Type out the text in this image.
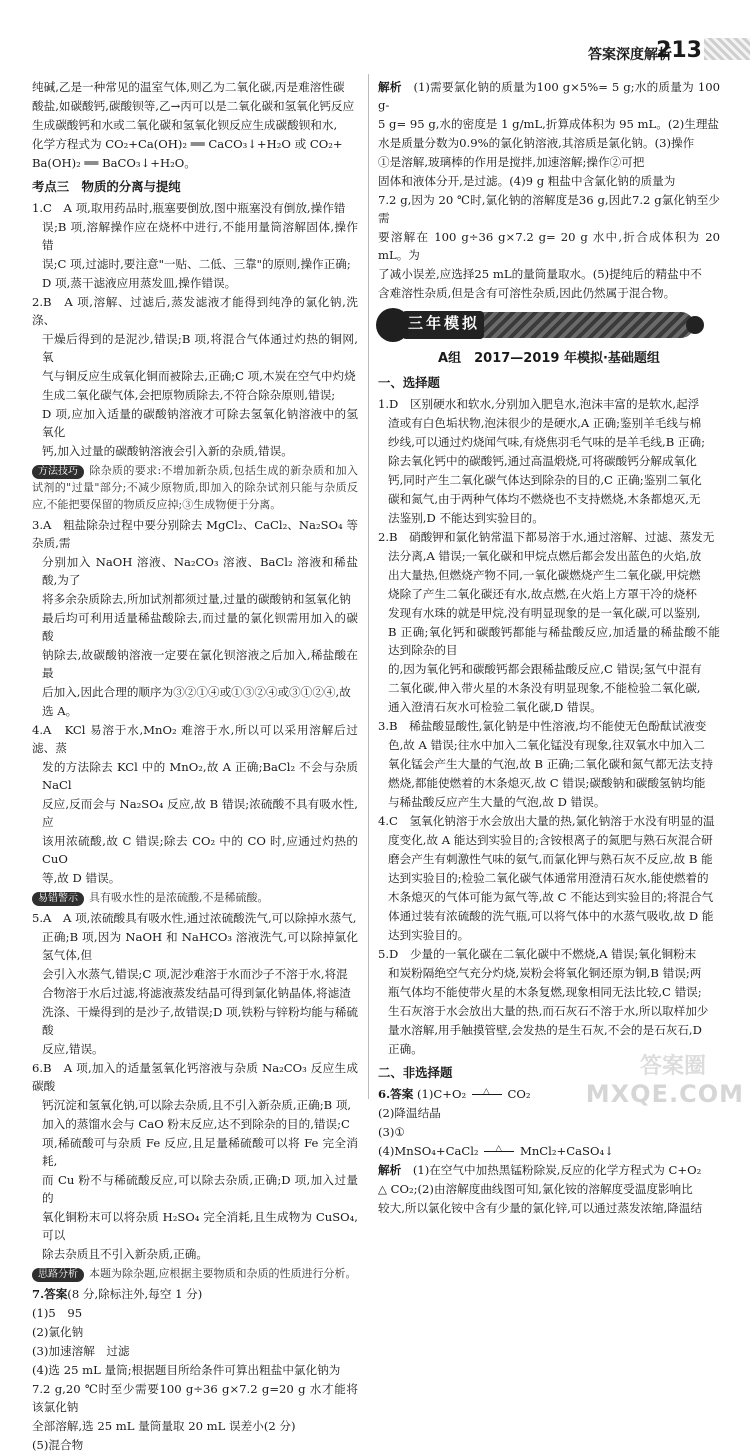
答案深度解析
213

纯碱,乙是一种常见的温室气体,则乙为二氧化碳,丙是难溶性碳

酸盐,如碳酸钙,碳酸钡等,乙→丙可以是二氧化碳和氢氧化钙反应

生成碳酸钙和水或二氧化碳和氢氧化钡反应生成碳酸钡和水,

化学方程式为 CO₂+Ca(OH)₂ ══ CaCO₃↓+H₂O 或 CO₂+

Ba(OH)₂ ══ BaCO₃↓+H₂O。

考点三　物质的分离与提纯

1.C　A 项,取用药品时,瓶塞要倒放,图中瓶塞没有倒放,操作错

误;B 项,溶解操作应在烧杯中进行,不能用量筒溶解固体,操作错

误;C 项,过滤时,要注意"一贴、二低、三靠"的原则,操作正确;

D 项,蒸干滤液应用蒸发皿,操作错误。

2.B　A 项,溶解、过滤后,蒸发滤液才能得到纯净的氯化钠,洗涤、

干燥后得到的是泥沙,错误;B 项,将混合气体通过灼热的铜网,氧

气与铜反应生成氧化铜而被除去,正确;C 项,木炭在空气中灼烧

生成二氧化碳气体,会把原物质除去,不符合除杂原则,错误;

D 项,应加入适量的碳酸钠溶液才可除去氢氧化钠溶液中的氢氧化

钙,加入过量的碳酸钠溶液会引入新的杂质,错误。

方法技巧 除杂质的要求:不增加新杂质,包括生成的新杂质和加入试剂的"过量"部分;不减少原物质,即加入的除杂试剂只能与杂质反应,不能把要保留的物质反应掉;③生成物便于分离。

3.A　粗盐除杂过程中要分别除去 MgCl₂、CaCl₂、Na₂SO₄ 等杂质,需

分别加入 NaOH 溶液、Na₂CO₃ 溶液、BaCl₂ 溶液和稀盐酸,为了

将多余杂质除去,所加试剂都须过量,过量的碳酸钠和氢氧化钠

最后均可利用适量稀盐酸除去,而过量的氯化钡需用加入的碳酸

钠除去,故碳酸钠溶液一定要在氯化钡溶液之后加入,稀盐酸在最

后加入,因此合理的顺序为③②①④或①③②④或③①②④,故

选 A。

4.A　KCl 易溶于水,MnO₂ 难溶于水,所以可以采用溶解后过滤、蒸

发的方法除去 KCl 中的 MnO₂,故 A 正确;BaCl₂ 不会与杂质 NaCl

反应,反而会与 Na₂SO₄ 反应,故 B 错误;浓硫酸不具有吸水性,应

该用浓硫酸,故 C 错误;除去 CO₂ 中的 CO 时,应通过灼热的 CuO

等,故 D 错误。

易错警示 具有吸水性的是浓硫酸,不是稀硫酸。

5.A　A 项,浓硫酸具有吸水性,通过浓硫酸洗气,可以除掉水蒸气,

正确;B 项,因为 NaOH 和 NaHCO₃ 溶液洗气,可以除掉氯化氢气体,但

会引入水蒸气,错误;C 项,泥沙难溶于水而沙子不溶于水,将混

合物溶于水后过滤,将滤液蒸发结晶可得到氯化钠晶体,将滤渣

洗涤、干燥得到的是沙子,故错误;D 项,铁粉与锌粉均能与稀硫酸

反应,错误。

6.B　A 项,加入的适量氢氧化钙溶液与杂质 Na₂CO₃ 反应生成碳酸

钙沉淀和氢氧化钠,可以除去杂质,且不引入新杂质,正确;B 项,

加入的蒸馏水会与 CaO 粉末反应,达不到除杂的目的,错误;C

项,稀硫酸可与杂质 Fe 反应,且足量稀硫酸可以将 Fe 完全消耗,

而 Cu 粉不与稀硫酸反应,可以除去杂质,正确;D 项,加入过量的

氧化铜粉末可以将杂质 H₂SO₄ 完全消耗,且生成物为 CuSO₄,可以

除去杂质且不引入新杂质,正确。

思路分析 本题为除杂题,应根据主要物质和杂质的性质进行分析。

7.答案(8 分,除标注外,每空 1 分)

(1)5　95

(2)氯化钠

(3)加速溶解　过滤

(4)选 25 mL 量筒;根据题目所给条件可算出粗盐中氯化钠为

7.2 g,20 ℃时至少需要100 g÷36 g×7.2 g=20 g 水才能将该氯化钠

全部溶解,选 25 mL 量筒量取 20 mL 误差小(2 分)

(5)混合物

解析　 (1)需要氯化钠的质量为100 g×5%= 5 g;水的质量为 100 g-

5 g= 95 g,水的密度是 1 g/mL,折算成体积为 95 mL。(2)生理盐

水是质量分数为0.9%的氯化钠溶液,其溶质是氯化钠。(3)操作

①是溶解,玻璃棒的作用是搅拌,加速溶解;操作②可把

固体和液体分开,是过滤。(4)9 g 粗盐中含氯化钠的质量为

7.2 g,因为 20 ℃时,氯化钠的溶解度是36 g,因此7.2 g氯化钠至少需

要溶解在 100 g÷36 g×7.2 g= 20 g 水中,折合成体积为 20 mL。为

了减小误差,应选择25 mL的量筒量取水。(5)提纯后的精盐中不

含难溶性杂质,但是含有可溶性杂质,因此仍然属于混合物。

三年模拟
A组　2017—2019 年模拟·基础题组
一、选择题

1.D　区别硬水和软水,分别加入肥皂水,泡沫丰富的是软水,起浮

渣或有白色垢状物,泡沫很少的是硬水,A 正确;鉴别羊毛线与棉

纱线,可以通过灼烧闻气味,有烧焦羽毛气味的是羊毛线,B 正确;

除去氧化钙中的碳酸钙,通过高温煅烧,可将碳酸钙分解成氧化

钙,同时产生二氧化碳气体达到除杂的目的,C 正确;鉴别二氧化

碳和氮气,由于两种气体均不燃烧也不支持燃烧,木条都熄灭,无

法鉴别,D 不能达到实验目的。

2.B　硝酸钾和氯化钠常温下都易溶于水,通过溶解、过滤、蒸发无

法分离,A 错误;一氧化碳和甲烷点燃后都会发出蓝色的火焰,放

出大量热,但燃烧产物不同,一氧化碳燃烧产生二氧化碳,甲烷燃

烧除了产生二氧化碳还有水,故点燃,在火焰上方罩干冷的烧杯

发现有水珠的就是甲烷,没有明显现象的是一氧化碳,可以鉴别,

B 正确;氧化钙和碳酸钙都能与稀盐酸反应,加适量的稀盐酸不能达到除杂的目

的,因为氧化钙和碳酸钙都会跟稀盐酸反应,C 错误;氢气中混有

二氧化碳,伸入带火星的木条没有明显现象,不能检验二氧化碳,

通入澄清石灰水可检验二氧化碳,D 错误。

3.B　稀盐酸显酸性,氯化钠是中性溶液,均不能使无色酚酞试液变

色,故 A 错误;往水中加入二氧化锰没有现象,往双氧水中加入二

氧化锰会产生大量的气泡,故 B 正确;二氧化碳和氮气都无法支持

燃烧,都能使燃着的木条熄灭,故 C 错误;碳酸钠和碳酸氢钠均能

与稀盐酸反应产生大量的气泡,故 D 错误。

4.C　氢氧化钠溶于水会放出大量的热,氯化钠溶于水没有明显的温

度变化,故 A 能达到实验目的;含铵根离子的氮肥与熟石灰混合研

磨会产生有刺激性气味的氨气,而氯化钾与熟石灰不反应,故 B 能

达到实验目的;检验二氧化碳气体通常用澄清石灰水,能使燃着的

木条熄灭的气体可能为氮气等,故 C 不能达到实验目的;将混合气

体通过装有浓硫酸的洗气瓶,可以将气体中的水蒸气吸收,故 D 能

达到实验目的。

5.D　少量的一氧化碳在二氧化碳中不燃烧,A 错误;氧化铜粉末

和炭粉隔绝空气充分灼烧,炭粉会将氧化铜还原为铜,B 错误;两

瓶气体均不能使带火星的木条复燃,现象相同无法比较,C 错误;

生石灰溶于水会放出大量的热,而石灰石不溶于水,所以取样加少

量水溶解,用手触摸管壁,会发热的是生石灰,不会的是石灰石,D

正确。

二、非选择题

6.答案 (1)C+O₂ △ CO₂

(2)降温结晶

(3)①

(4)MnSO₄+CaCl₂ △ MnCl₂+CaSO₄↓

解析　 (1)在空气中加热黑锰粉除炭,反应的化学方程式为 C+O₂

△ CO₂;(2)由溶解度曲线图可知,氯化铵的溶解度受温度影响比

较大,所以氯化铵中含有少量的氯化锌,可以通过蒸发浓缩,降温结

答案圈
MXQE.COM
